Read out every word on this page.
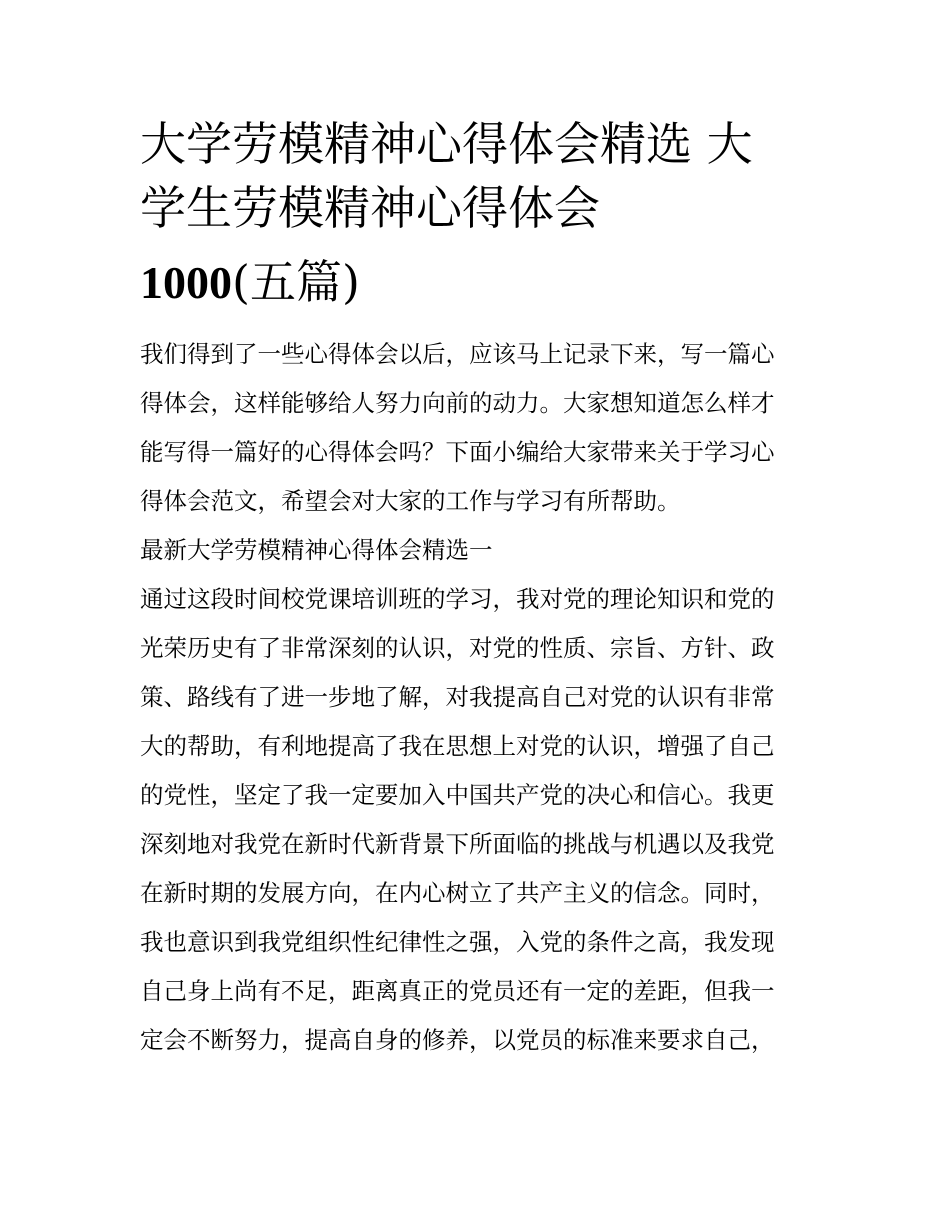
大学劳模精神心得体会精选 大
学生劳模精神心得体会
1000(五篇)
我们得到了一些心得体会以后，应该马上记录下来，写一篇心
得体会，这样能够给人努力向前的动力。大家想知道怎么样才
能写得一篇好的心得体会吗？下面小编给大家带来关于学习心
得体会范文，希望会对大家的工作与学习有所帮助。
最新大学劳模精神心得体会精选一
通过这段时间校党课培训班的学习，我对党的理论知识和党的
光荣历史有了非常深刻的认识，对党的性质、宗旨、方针、政
策、路线有了进一步地了解，对我提高自己对党的认识有非常
大的帮助，有利地提高了我在思想上对党的认识，增强了自己
的党性，坚定了我一定要加入中国共产党的决心和信心。我更
深刻地对我党在新时代新背景下所面临的挑战与机遇以及我党
在新时期的发展方向，在内心树立了共产主义的信念。同时，
我也意识到我党组织性纪律性之强，入党的条件之高，我发现
自己身上尚有不足，距离真正的党员还有一定的差距，但我一
定会不断努力，提高自身的修养，以党员的标准来要求自己，
